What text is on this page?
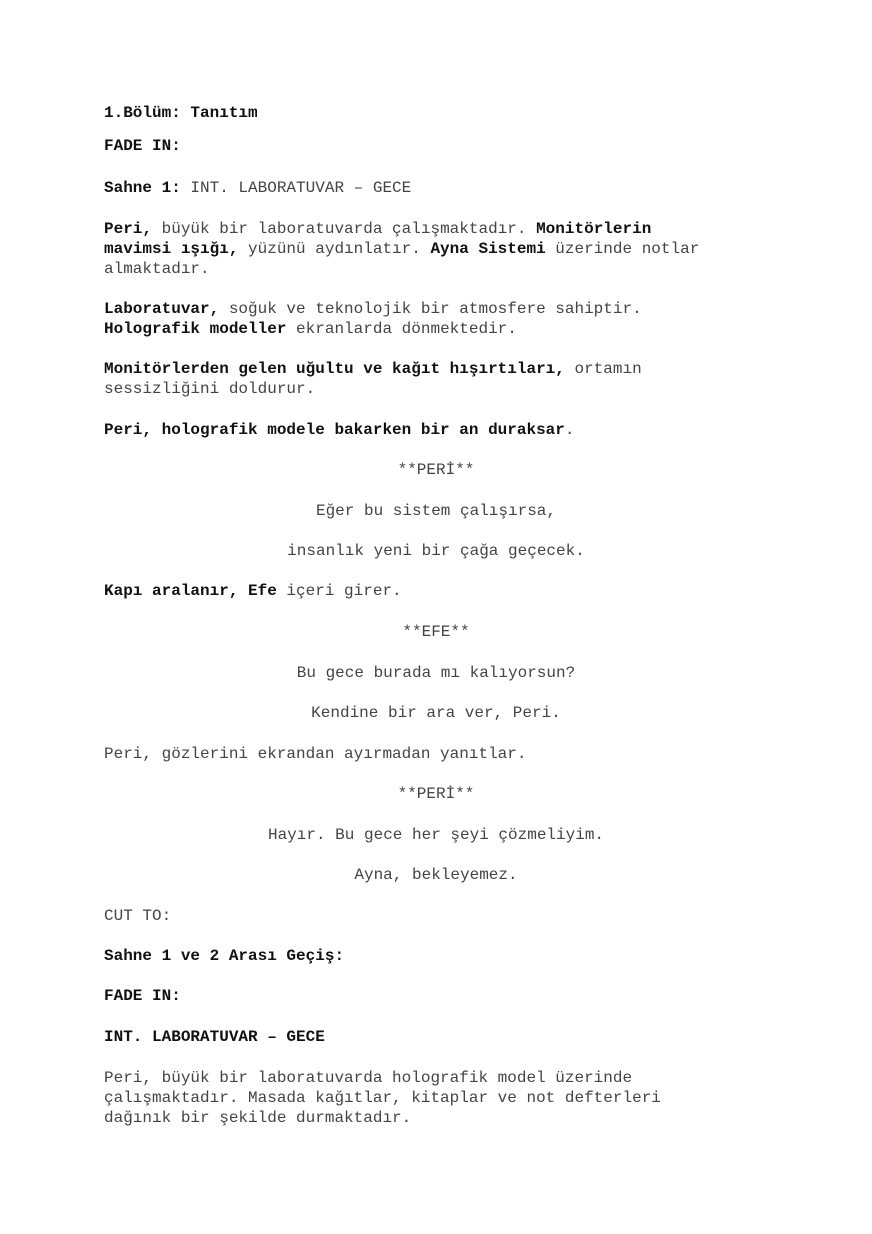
1.Bölüm: Tanıtım
FADE IN:
Sahne 1: INT. LABORATUVAR – GECE
Peri, büyük bir laboratuvarda çalışmaktadır. Monitörlerin
mavimsi ışığı, yüzünü aydınlatır. Ayna Sistemi üzerinde notlar
almaktadır.
Laboratuvar, soğuk ve teknolojik bir atmosfere sahiptir.
Holografik modeller ekranlarda dönmektedir.
Monitörlerden gelen uğultu ve kağıt hışırtıları, ortamın
sessizliğini doldurur.
Peri, holografik modele bakarken bir an duraksar.
**PERİ**
Eğer bu sistem çalışırsa,
insanlık yeni bir çağa geçecek.
Kapı aralanır, Efe içeri girer.
**EFE**
Bu gece burada mı kalıyorsun?
Kendine bir ara ver, Peri.
Peri, gözlerini ekrandan ayırmadan yanıtlar.
**PERİ**
Hayır. Bu gece her şeyi çözmeliyim.
Ayna, bekleyemez.
CUT TO:
Sahne 1 ve 2 Arası Geçiş:
FADE IN:
INT. LABORATUVAR – GECE
Peri, büyük bir laboratuvarda holografik model üzerinde
çalışmaktadır. Masada kağıtlar, kitaplar ve not defterleri
dağınık bir şekilde durmaktadır.
